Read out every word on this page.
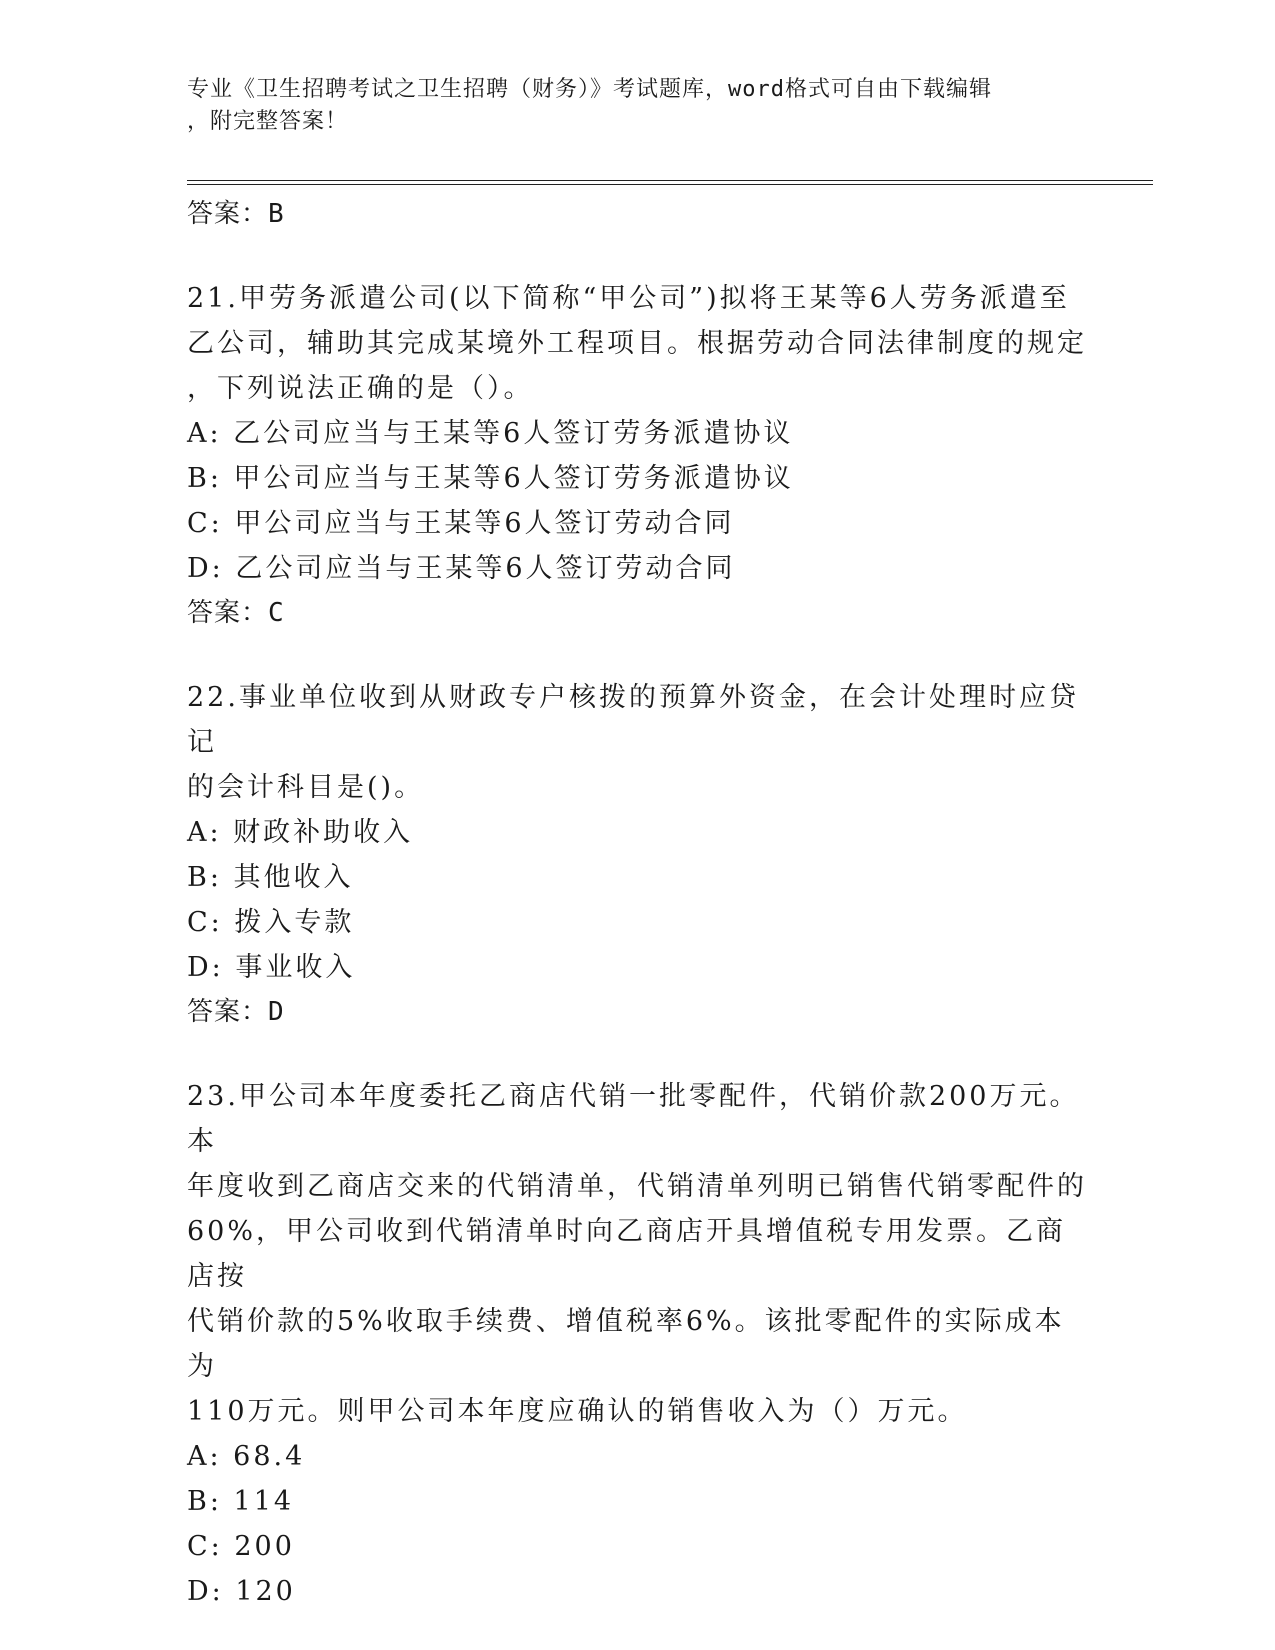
专业《卫生招聘考试之卫生招聘（财务）》考试题库，word格式可自由下载编辑
，附完整答案！
答案：B
21.甲劳务派遣公司(以下简称“甲公司”)拟将王某等6人劳务派遣至
乙公司，辅助其完成某境外工程项目。根据劳动合同法律制度的规定
，下列说法正确的是（）。
A: 乙公司应当与王某等6人签订劳务派遣协议
B: 甲公司应当与王某等6人签订劳务派遣协议
C: 甲公司应当与王某等6人签订劳动合同
D: 乙公司应当与王某等6人签订劳动合同
答案：C
22.事业单位收到从财政专户核拨的预算外资金，在会计处理时应贷记
的会计科目是()。
A: 财政补助收入
B: 其他收入
C: 拨入专款
D: 事业收入
答案：D
23.甲公司本年度委托乙商店代销一批零配件，代销价款200万元。本
年度收到乙商店交来的代销清单，代销清单列明已销售代销零配件的
60%，甲公司收到代销清单时向乙商店开具增值税专用发票。乙商店按
代销价款的5%收取手续费、增值税率6%。该批零配件的实际成本为
110万元。则甲公司本年度应确认的销售收入为（）万元。
A: 68.4
B: 114
C: 200
D: 120
